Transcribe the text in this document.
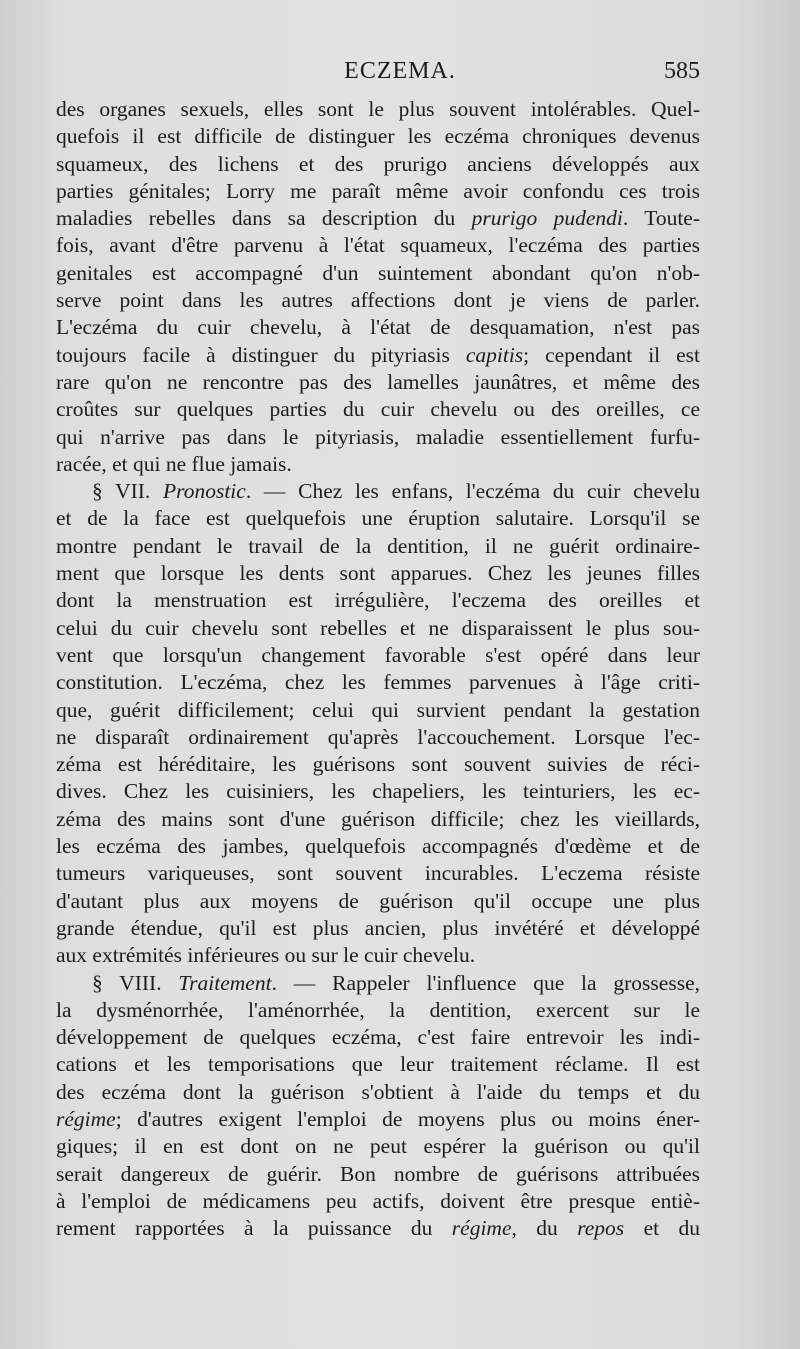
ECZEMA.	585
des organes sexuels, elles sont le plus souvent intolérables. Quel-
quefois il est difficile de distinguer les eczéma chroniques devenus
squameux, des lichens et des prurigo anciens développés aux
parties génitales; Lorry me paraît même avoir confondu ces trois
maladies rebelles dans sa description du prurigo pudendi. Toute-
fois, avant d'être parvenu à l'état squameux, l'eczéma des parties
genitales est accompagné d'un suintement abondant qu'on n'ob-
serve point dans les autres affections dont je viens de parler.
L'eczéma du cuir chevelu, à l'état de desquamation, n'est pas
toujours facile à distinguer du pityriasis capitis; cependant il est
rare qu'on ne rencontre pas des lamelles jaunâtres, et même des
croûtes sur quelques parties du cuir chevelu ou des oreilles, ce
qui n'arrive pas dans le pityriasis, maladie essentiellement furfu-
racée, et qui ne flue jamais.
§ VII. Pronostic. — Chez les enfans, l'eczéma du cuir chevelu
et de la face est quelquefois une éruption salutaire. Lorsqu'il se
montre pendant le travail de la dentition, il ne guérit ordinaire-
ment que lorsque les dents sont apparues. Chez les jeunes filles
dont la menstruation est irrégulière, l'eczema des oreilles et
celui du cuir chevelu sont rebelles et ne disparaissent le plus sou-
vent que lorsqu'un changement favorable s'est opéré dans leur
constitution. L'eczéma, chez les femmes parvenues à l'âge criti-
que, guérit difficilement; celui qui survient pendant la gestation
ne disparaît ordinairement qu'après l'accouchement. Lorsque l'ec-
zéma est héréditaire, les guérisons sont souvent suivies de réci-
dives. Chez les cuisiniers, les chapeliers, les teinturiers, les ec-
zéma des mains sont d'une guérison difficile; chez les vieillards,
les eczéma des jambes, quelquefois accompagnés d'œdème et de
tumeurs variqueuses, sont souvent incurables. L'eczema résiste
d'autant plus aux moyens de guérison qu'il occupe une plus
grande étendue, qu'il est plus ancien, plus invétéré et développé
aux extrémités inférieures ou sur le cuir chevelu.
§ VIII. Traitement. — Rappeler l'influence que la grossesse,
la dysménorrhée, l'aménorrhée, la dentition, exercent sur le
développement de quelques eczéma, c'est faire entrevoir les indi-
cations et les temporisations que leur traitement réclame. Il est
des eczéma dont la guérison s'obtient à l'aide du temps et du
régime; d'autres exigent l'emploi de moyens plus ou moins éner-
giques; il en est dont on ne peut espérer la guérison ou qu'il
serait dangereux de guérir. Bon nombre de guérisons attribuées
à l'emploi de médicamens peu actifs, doivent être presque entiè-
rement rapportées à la puissance du régime, du repos et du
